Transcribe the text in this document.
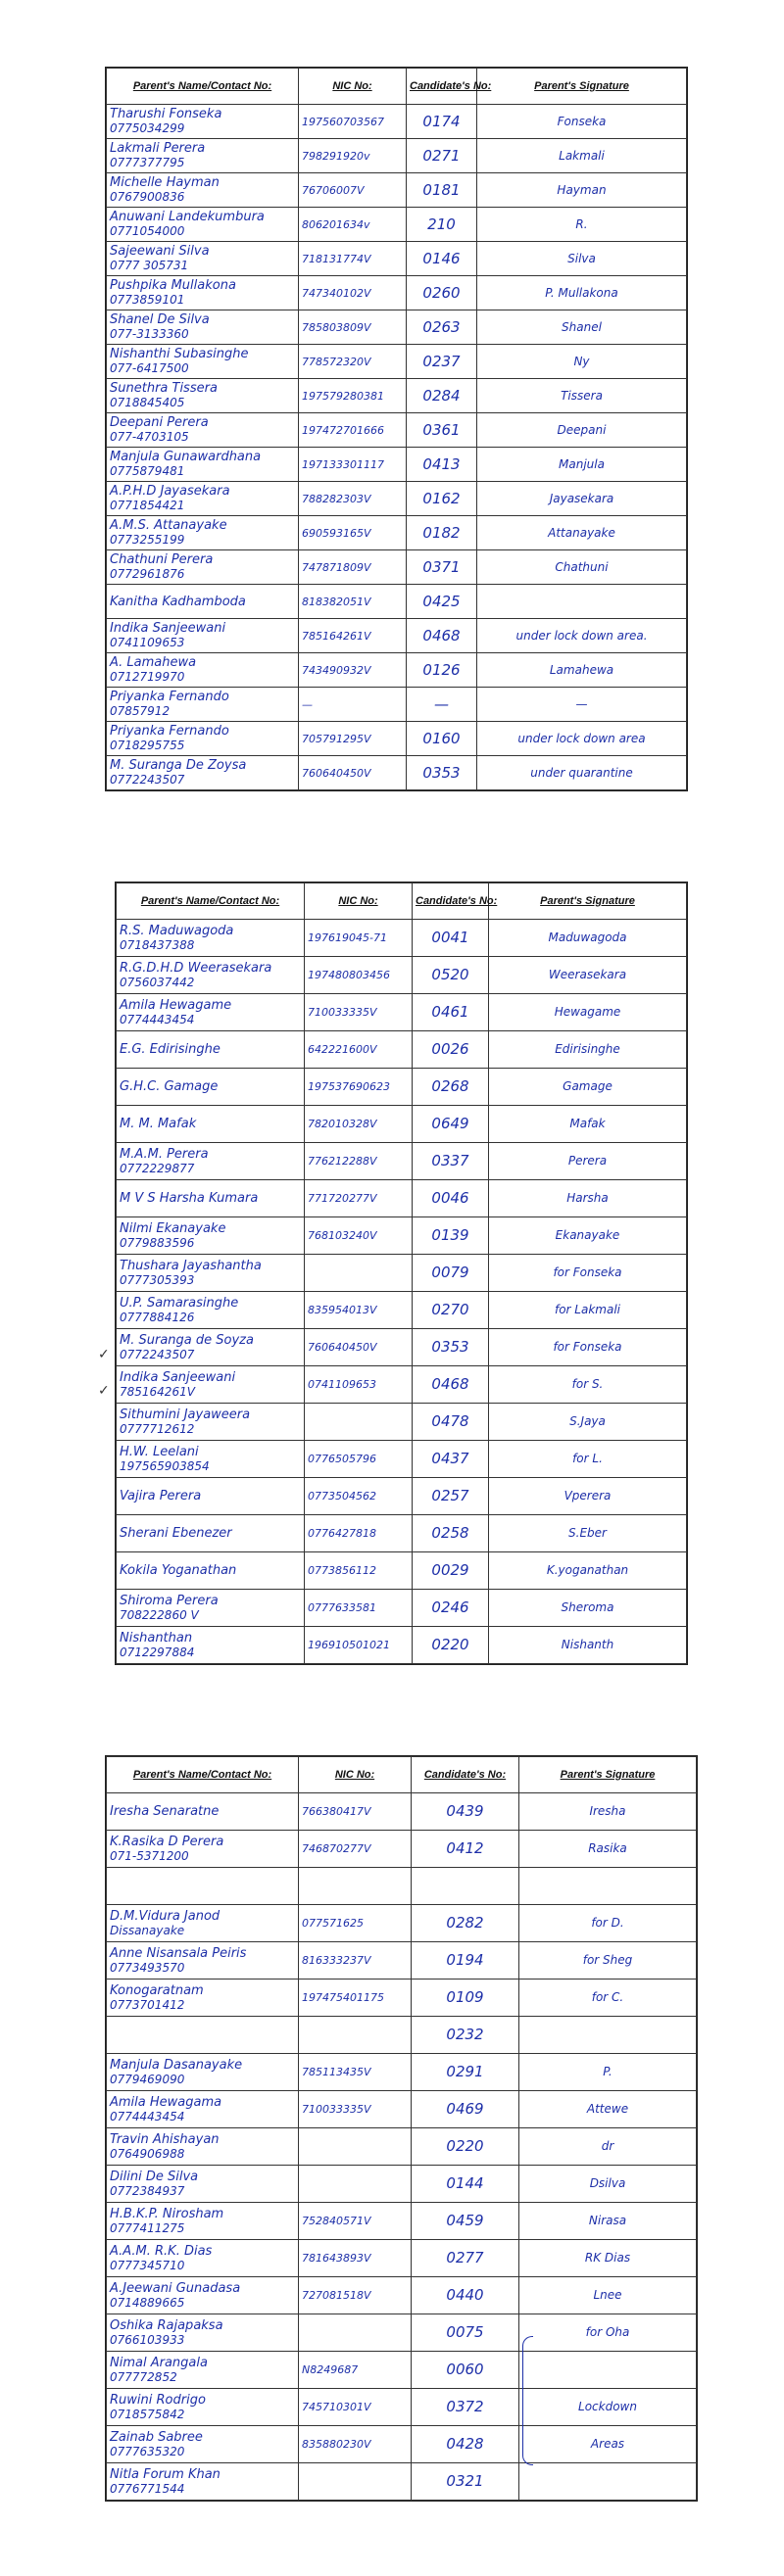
Parent's Name/Contact No:	NIC No:	Candidate's No:	Parent's Signature

Tharushi Fonseka
0775034299	197560703567	0174	Fonseka

Lakmali Perera
0777377795	798291920v	0271	Lakmali

Michelle Hayman
0767900836	76706007V	0181	Hayman

Anuwani Landekumbura
0771054000	806201634v	210	R.

Sajeewani Silva
0777 305731	718131774V	0146	Silva

Pushpika Mullakona
0773859101	747340102V	0260	P. Mullakona

Shanel De Silva
077-3133360	785803809V	0263	Shanel

Nishanthi Subasinghe
077-6417500	778572320V	0237	Ny

Sunethra Tissera
0718845405	197579280381	0284	Tissera

Deepani Perera
077-4703105	197472701666	0361	Deepani

Manjula Gunawardhana
0775879481	197133301117	0413	Manjula

A.P.H.D Jayasekara
0771854421	788282303V	0162	Jayasekara

A.M.S. Attanayake
0773255199	690593165V	0182	Attanayake

Chathuni Perera
0772961876	747871809V	0371	Chathuni

Kanitha Kadhamboda	818382051V	0425	

Indika Sanjeewani
0741109653	785164261V	0468	under lock down area.

A. Lamahewa
0712719970	743490932V	0126	Lamahewa

Priyanka Fernando
07857912	—	—	—

Priyanka Fernando
0718295755	705791295V	0160	under lock down area

M. Suranga De Zoysa
0772243507	760640450V	0353	under quarantine
Parent's Name/Contact No:	NIC No:	Candidate's No:	Parent's Signature

R.S. Maduwagoda
0718437388	197619045-71	0041	Maduwagoda

R.G.D.H.D Weerasekara
0756037442	197480803456	0520	Weerasekara

Amila Hewagame
0774443454	710033335V	0461	Hewagame

E.G. Edirisinghe	642221600V	0026	Edirisinghe

G.H.C. Gamage	197537690623	0268	Gamage

M. M. Mafak	782010328V	0649	Mafak

M.A.M. Perera
0772229877	776212288V	0337	Perera

M V S Harsha Kumara	771720277V	0046	Harsha

Nilmi Ekanayake
0779883596	768103240V	0139	Ekanayake

Thushara Jayashantha
0777305393		0079	for Fonseka

U.P. Samarasinghe
0777884126	835954013V	0270	for Lakmali

M. Suranga de Soyza
0772243507	760640450V	0353	for Fonseka

Indika Sanjeewani
785164261V	0741109653	0468	for S.

Sithumini Jayaweera
0777712612		0478	S.Jaya

H.W. Leelani
197565903854	0776505796	0437	for L.

Vajira Perera	0773504562	0257	Vperera

Sherani Ebenezer	0776427818	0258	S.Eber

Kokila Yoganathan	0773856112	0029	K.yoganathan

Shiroma Perera
708222860 V	0777633581	0246	Sheroma

Nishanthan
0712297884	196910501021	0220	Nishanth
Parent's Name/Contact No:	NIC No:	Candidate's No:	Parent's Signature

Iresha Senaratne	766380417V	0439	Iresha

K.Rasika D Perera
071-5371200	746870277V	0412	Rasika

D.M.Vidura Janod
Dissanayake	077571625	0282	for D.

Anne Nisansala Peiris
0773493570	816333237V	0194	for Sheg

Konogaratnam
0773701412	197475401175	0109	for C.

		0232	

Manjula Dasanayake
0779469090	785113435V	0291	P.

Amila Hewagama
0774443454	710033335V	0469	Attewe

Travin Ahishayan
0764906988		0220	dr

Dilini De Silva
0772384937		0144	Dsilva

H.B.K.P. Nirosham
0777411275	752840571V	0459	Nirasa

A.A.M. R.K. Dias
0777345710	781643893V	0277	RK Dias

A.Jeewani Gunadasa
0714889665	727081518V	0440	Lnee

Oshika Rajapaksa
0766103933		0075	for Oha

Nimal Arangala
077772852	N8249687	0060	

Ruwini Rodrigo
0718575842	745710301V	0372	Lockdown

Zainab Sabree
0777635320	835880230V	0428	Areas

Nitla Forum Khan
0776771544		0321	
✓
✓
